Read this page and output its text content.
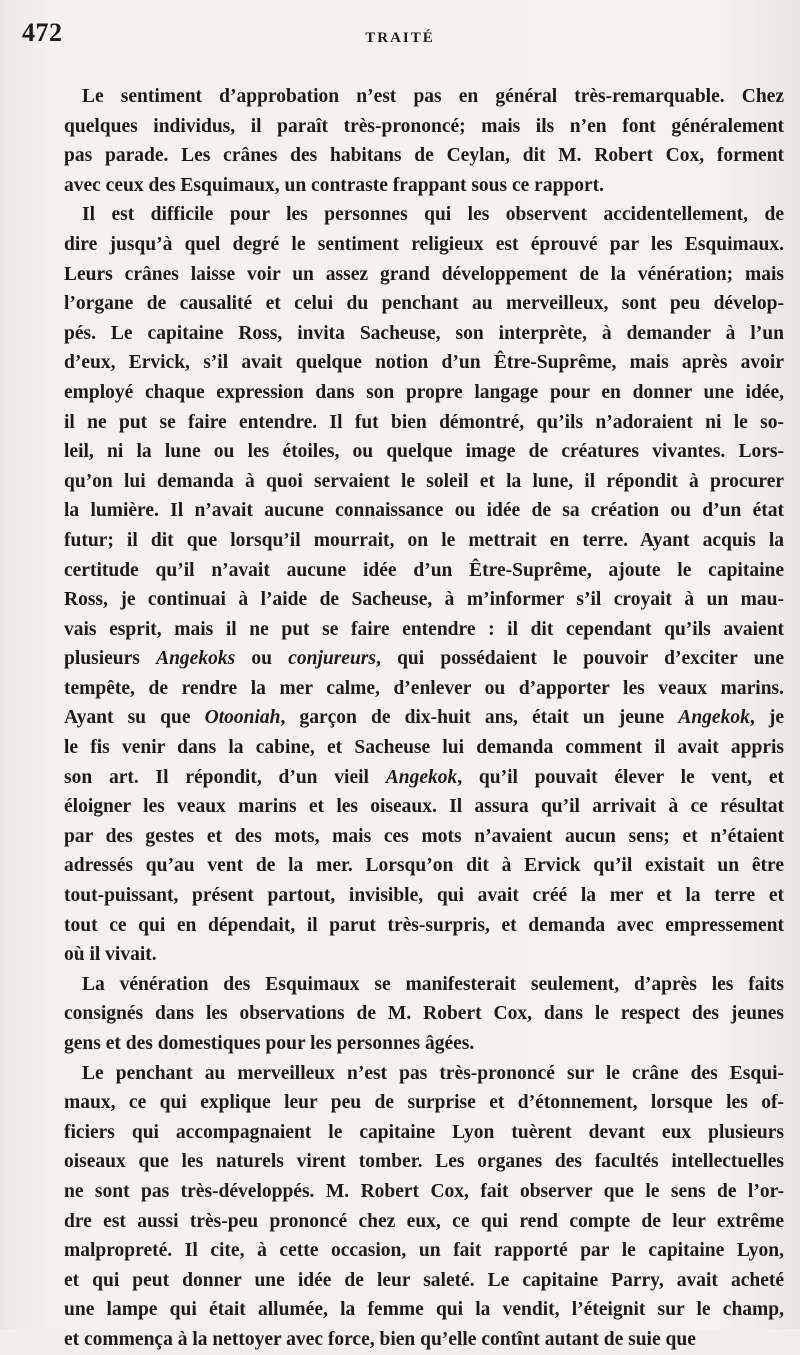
472	TRAITÉ
Le sentiment d’approbation n’est pas en général très-remarquable. Chez
quelques individus, il paraît très-prononcé; mais ils n’en font généralement
pas parade. Les crânes des habitans de Ceylan, dit M. Robert Cox, forment
avec ceux des Esquimaux, un contraste frappant sous ce rapport.
Il est difficile pour les personnes qui les observent accidentellement, de
dire jusqu’à quel degré le sentiment religieux est éprouvé par les Esquimaux.
Leurs crânes laisse voir un assez grand développement de la vénération; mais
l’organe de causalité et celui du penchant au merveilleux, sont peu dévelop-
pés. Le capitaine Ross, invita Sacheuse, son interprète, à demander à l’un
d’eux, Ervick, s’il avait quelque notion d’un Être-Suprême, mais après avoir
employé chaque expression dans son propre langage pour en donner une idée,
il ne put se faire entendre. Il fut bien démontré, qu’ils n’adoraient ni le so-
leil, ni la lune ou les étoiles, ou quelque image de créatures vivantes. Lors-
qu’on lui demanda à quoi servaient le soleil et la lune, il répondit à procurer
la lumière. Il n’avait aucune connaissance ou idée de sa création ou d’un état
futur; il dit que lorsqu’il mourrait, on le mettrait en terre. Ayant acquis la
certitude qu’il n’avait aucune idée d’un Être-Suprême, ajoute le capitaine
Ross, je continuai à l’aide de Sacheuse, à m’informer s’il croyait à un mau-
vais esprit, mais il ne put se faire entendre : il dit cependant qu’ils avaient
plusieurs Angekoks ou conjureurs, qui possédaient le pouvoir d’exciter une
tempête, de rendre la mer calme, d’enlever ou d’apporter les veaux marins.
Ayant su que Otooniah, garçon de dix-huit ans, était un jeune Angekok, je
le fis venir dans la cabine, et Sacheuse lui demanda comment il avait appris
son art. Il répondit, d’un vieil Angekok, qu’il pouvait élever le vent, et
éloigner les veaux marins et les oiseaux. Il assura qu’il arrivait à ce résultat
par des gestes et des mots, mais ces mots n’avaient aucun sens; et n’étaient
adressés qu’au vent de la mer. Lorsqu’on dit à Ervick qu’il existait un être
tout-puissant, présent partout, invisible, qui avait créé la mer et la terre et
tout ce qui en dépendait, il parut très-surpris, et demanda avec empressement
où il vivait.
La vénération des Esquimaux se manifesterait seulement, d’après les faits
consignés dans les observations de M. Robert Cox, dans le respect des jeunes
gens et des domestiques pour les personnes âgées.
Le penchant au merveilleux n’est pas très-prononcé sur le crâne des Esqui-
maux, ce qui explique leur peu de surprise et d’étonnement, lorsque les of-
ficiers qui accompagnaient le capitaine Lyon tuèrent devant eux plusieurs
oiseaux que les naturels virent tomber. Les organes des facultés intellectuelles
ne sont pas très-développés. M. Robert Cox, fait observer que le sens de l’or-
dre est aussi très-peu prononcé chez eux, ce qui rend compte de leur extrême
malpropreté. Il cite, à cette occasion, un fait rapporté par le capitaine Lyon,
et qui peut donner une idée de leur saleté. Le capitaine Parry, avait acheté
une lampe qui était allumée, la femme qui la vendit, l’éteignit sur le champ,
et commença à la nettoyer avec force, bien qu’elle contînt autant de suie que
